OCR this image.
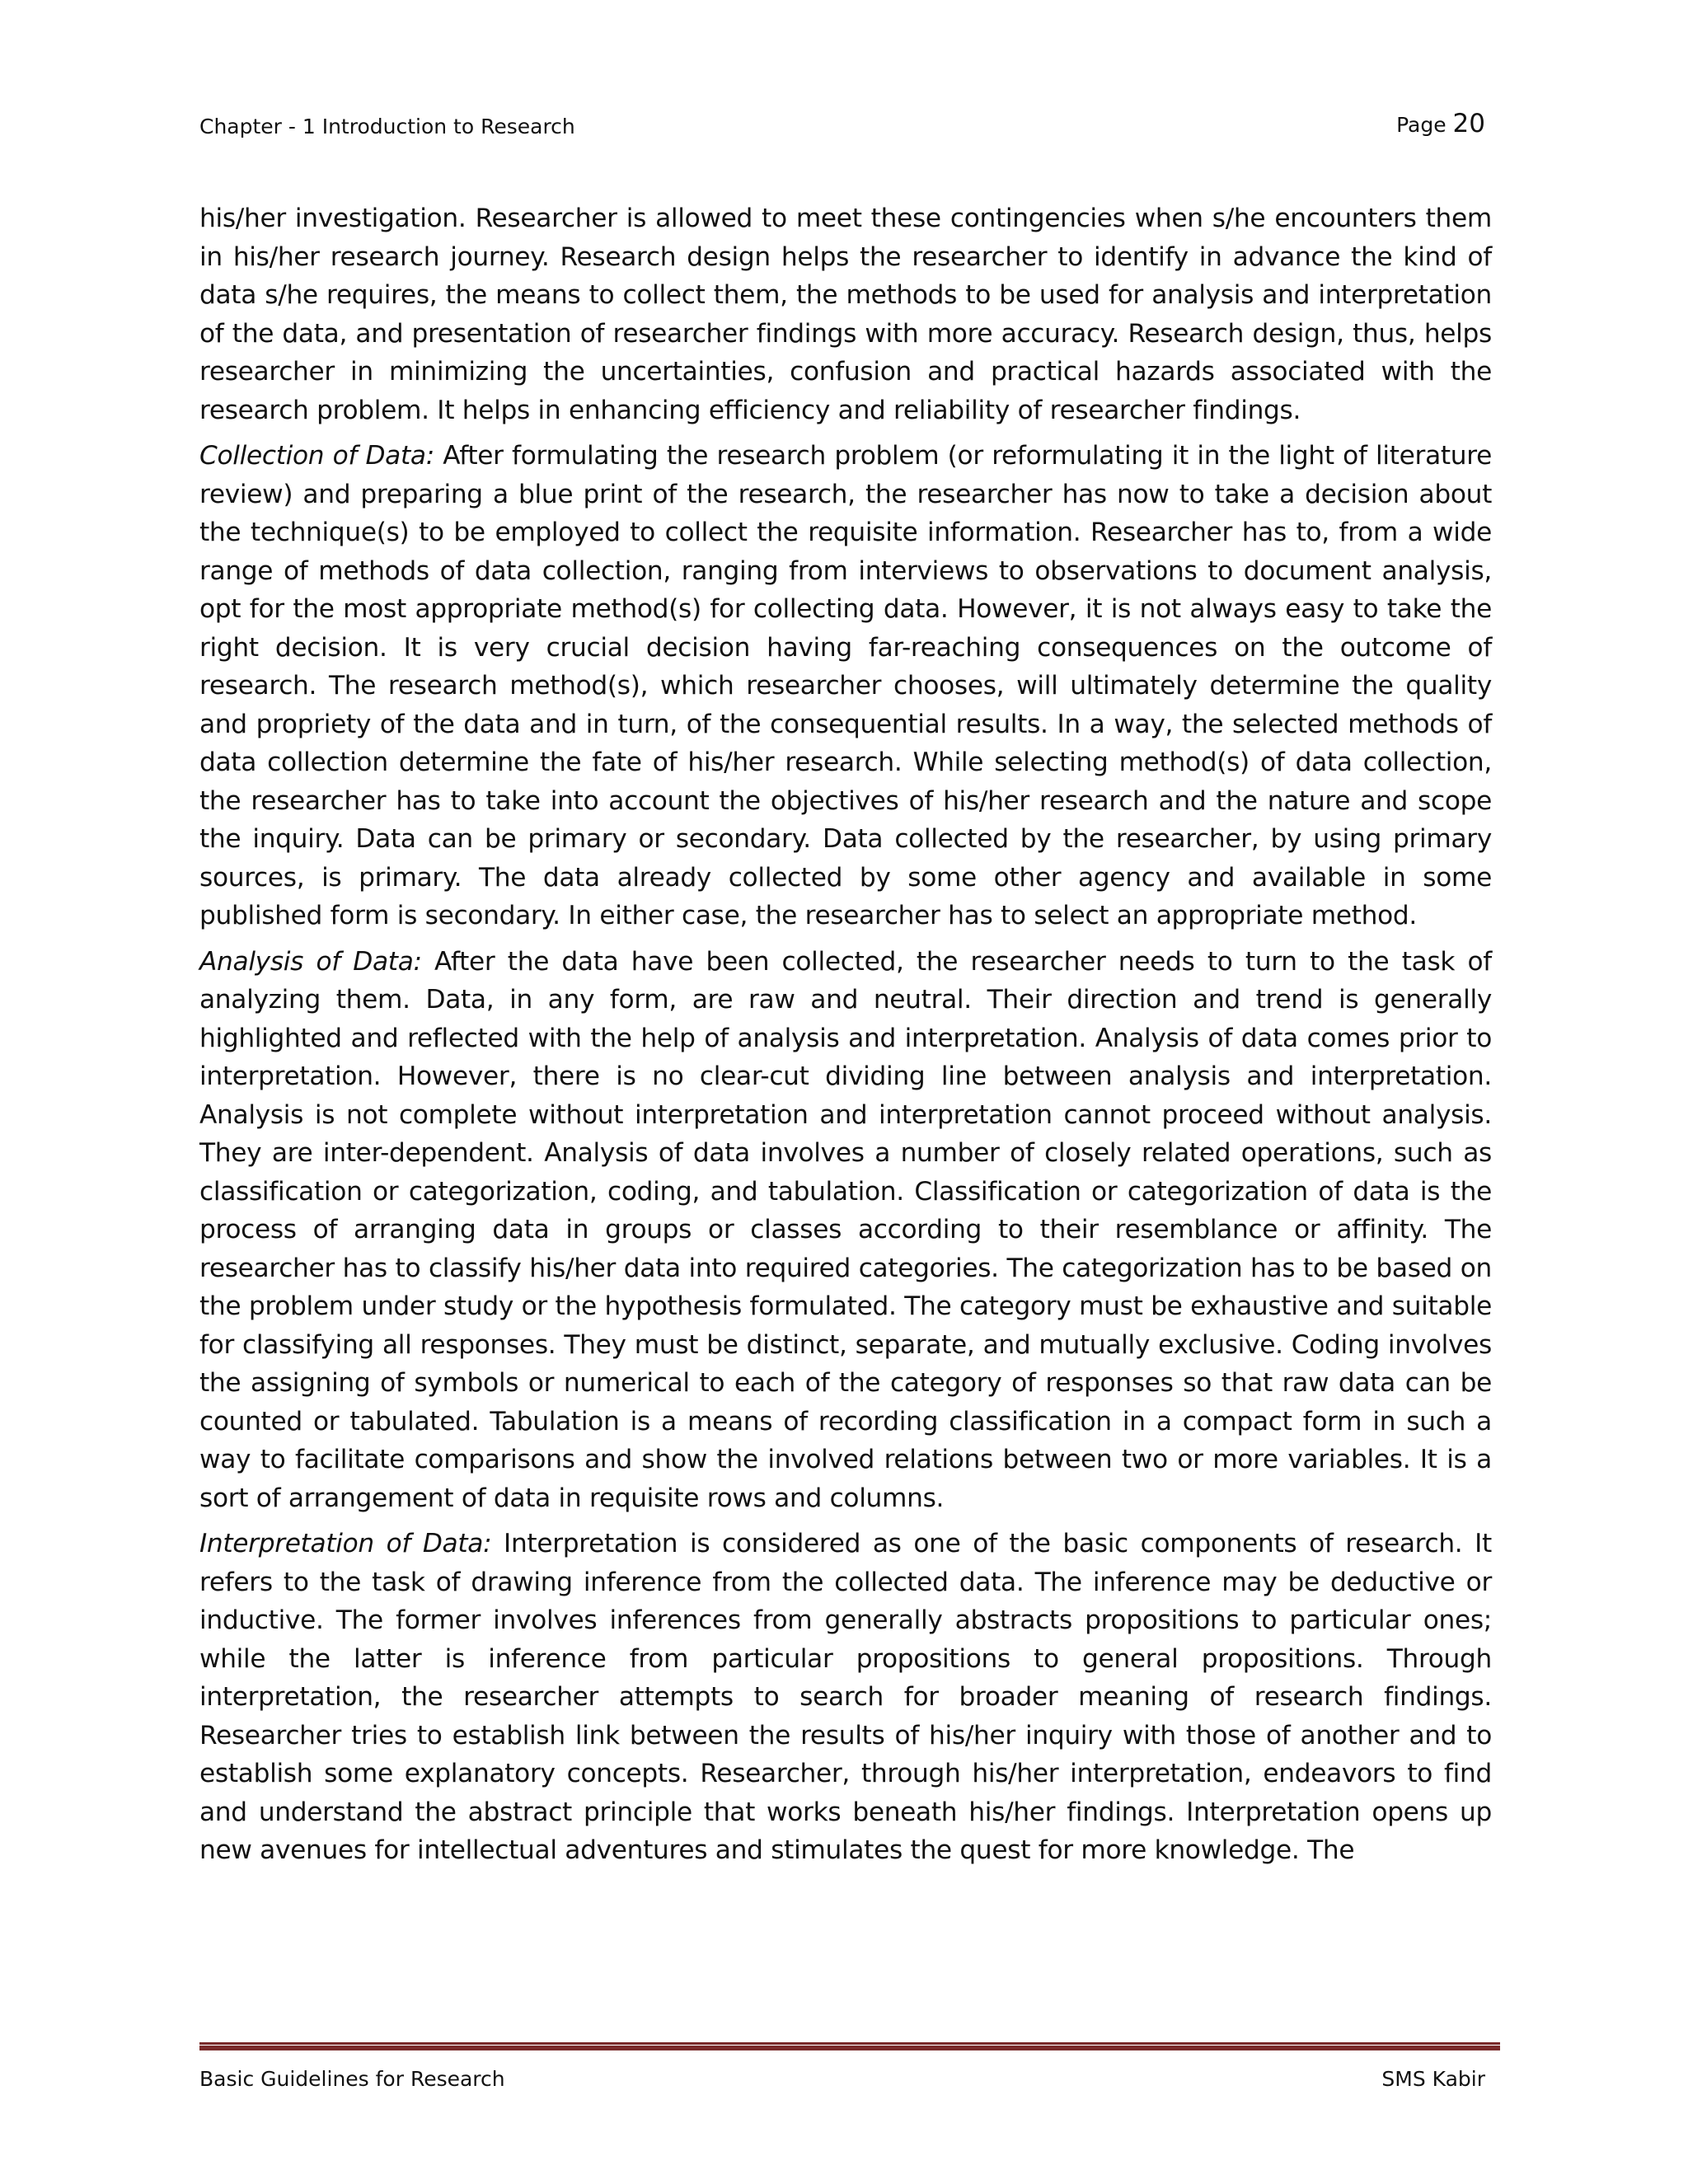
Chapter - 1 Introduction to Research	Page 20

his/her investigation. Researcher is allowed to meet these contingencies when s/he encounters them in his/her research journey. Research design helps the researcher to identify in advance the kind of data s/he requires, the means to collect them, the methods to be used for analysis and interpretation of the data, and presentation of researcher findings with more accuracy. Research design, thus, helps researcher in minimizing the uncertainties, confusion and practical hazards associated with the research problem. It helps in enhancing efficiency and reliability of researcher findings.

Collection of Data: After formulating the research problem (or reformulating it in the light of literature review) and preparing a blue print of the research, the researcher has now to take a decision about the technique(s) to be employed to collect the requisite information. Researcher has to, from a wide range of methods of data collection, ranging from interviews to observations to document analysis, opt for the most appropriate method(s) for collecting data. However, it is not always easy to take the right decision. It is very crucial decision having far-reaching consequences on the outcome of research. The research method(s), which researcher chooses, will ultimately determine the quality and propriety of the data and in turn, of the consequential results. In a way, the selected methods of data collection determine the fate of his/her research. While selecting method(s) of data collection, the researcher has to take into account the objectives of his/her research and the nature and scope the inquiry. Data can be primary or secondary. Data collected by the researcher, by using primary sources, is primary. The data already collected by some other agency and available in some published form is secondary. In either case, the researcher has to select an appropriate method.

Analysis of Data: After the data have been collected, the researcher needs to turn to the task of analyzing them. Data, in any form, are raw and neutral. Their direction and trend is generally highlighted and reflected with the help of analysis and interpretation. Analysis of data comes prior to interpretation. However, there is no clear-cut dividing line between analysis and interpretation. Analysis is not complete without interpretation and interpretation cannot proceed without analysis. They are inter-dependent. Analysis of data involves a number of closely related operations, such as classification or categorization, coding, and tabulation. Classification or categorization of data is the process of arranging data in groups or classes according to their resemblance or affinity. The researcher has to classify his/her data into required categories. The categorization has to be based on the problem under study or the hypothesis formulated. The category must be exhaustive and suitable for classifying all responses. They must be distinct, separate, and mutually exclusive. Coding involves the assigning of symbols or numerical to each of the category of responses so that raw data can be counted or tabulated. Tabulation is a means of recording classification in a compact form in such a way to facilitate comparisons and show the involved relations between two or more variables. It is a sort of arrangement of data in requisite rows and columns.

Interpretation of Data: Interpretation is considered as one of the basic components of research. It refers to the task of drawing inference from the collected data. The inference may be deductive or inductive. The former involves inferences from generally abstracts propositions to particular ones; while the latter is inference from particular propositions to general propositions. Through interpretation, the researcher attempts to search for broader meaning of research findings. Researcher tries to establish link between the results of his/her inquiry with those of another and to establish some explanatory concepts. Researcher, through his/her interpretation, endeavors to find and understand the abstract principle that works beneath his/her findings. Interpretation opens up new avenues for intellectual adventures and stimulates the quest for more knowledge. The

Basic Guidelines for Research	SMS Kabir
